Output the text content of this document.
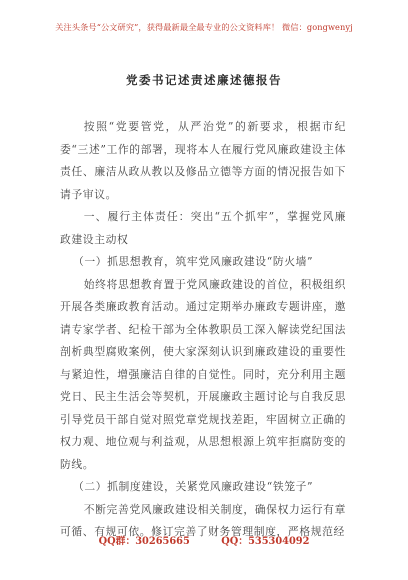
关注头条号“公文研究”，获得最新最全最专业的公文资料库！ 微信：gongwenyj
党委书记述责述廉述德报告

按照“党要管党，从严治党”的新要求，根据市纪委“三述”工作的部署，现将本人在履行党风廉政建设主体责任、廉洁从政从教以及修品立德等方面的情况报告如下请予审议。

一、履行主体责任：突出“五个抓牢”，掌握党风廉政建设主动权

（一）抓思想教育，筑牢党风廉政建设“防火墙”

始终将思想教育置于党风廉政建设的首位，积极组织开展各类廉政教育活动。通过定期举办廉政专题讲座，邀请专家学者、纪检干部为全体教职员工深入解读党纪国法剖析典型腐败案例，使大家深刻认识到廉政建设的重要性与紧迫性，增强廉洁自律的自觉性。同时，充分利用主题党日、民主生活会等契机，开展廉政主题讨论与自我反思引导党员干部自觉对照党章党规找差距，牢固树立正确的权力观、地位观与利益观，从思想根源上筑牢拒腐防变的防线。

（二）抓制度建设，关紧党风廉政建设“铁笼子”

不断完善党风廉政建设相关制度，确保权力运行有章可循、有规可依。修订完善了财务管理制度，严格规范经

QQ群：30265665	QQ：535304092
